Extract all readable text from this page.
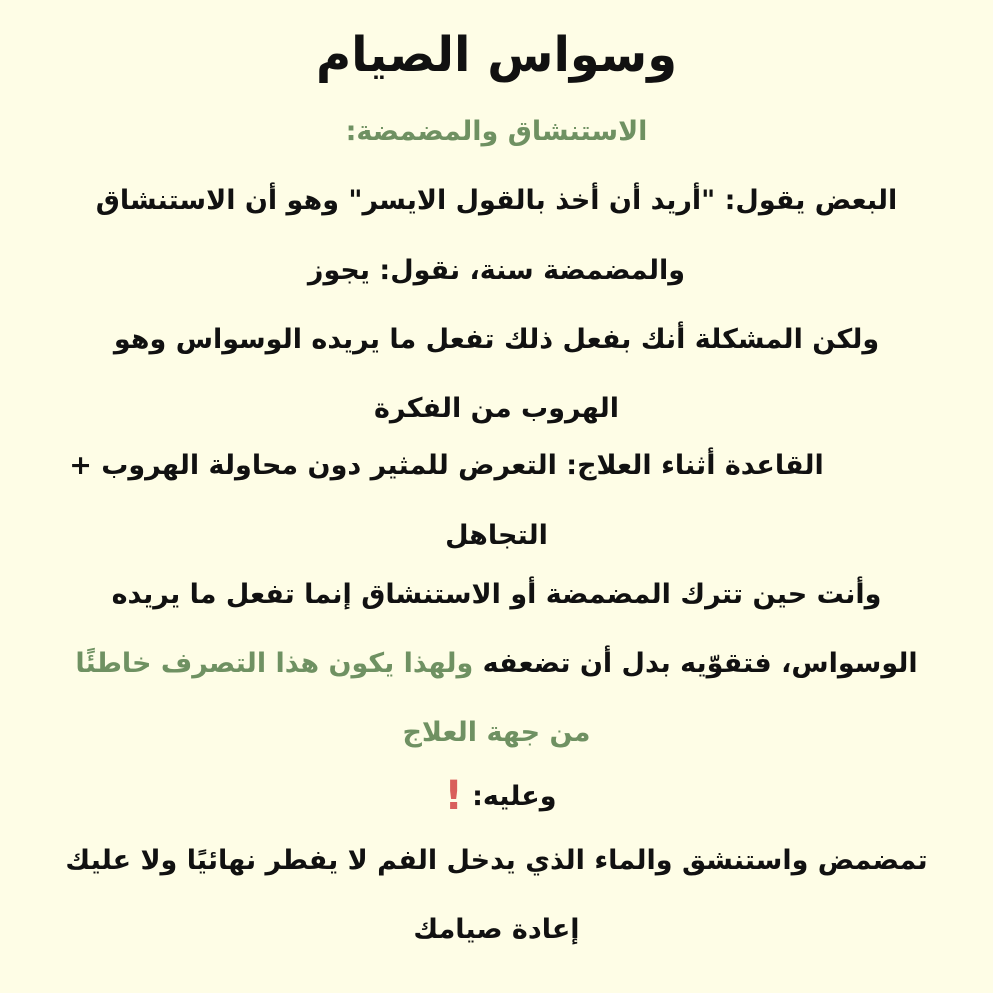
وسواس الصيام
الاستنشاق والمضمضة:
البعض يقول: "أريد أن أخذ بالقول الايسر" وهو أن الاستنشاق
والمضمضة سنة، نقول: يجوز
ولكن المشكلة أنك بفعل ذلك تفعل ما يريده الوسواس وهو
الهروب من الفكرة
القاعدة أثناء العلاج: التعرض للمثير دون محاولة الهروب +
التجاهل
وأنت حين تترك المضمضة أو الاستنشاق إنما تفعل ما يريده
الوسواس، فتقوّيه بدل أن تضعفه ولهذا يكون هذا التصرف خاطئًا
من جهة العلاج
وعليه: !
تمضمض واستنشق والماء الذي يدخل الفم لا يفطر نهائيًا ولا عليك
إعادة صيامك
